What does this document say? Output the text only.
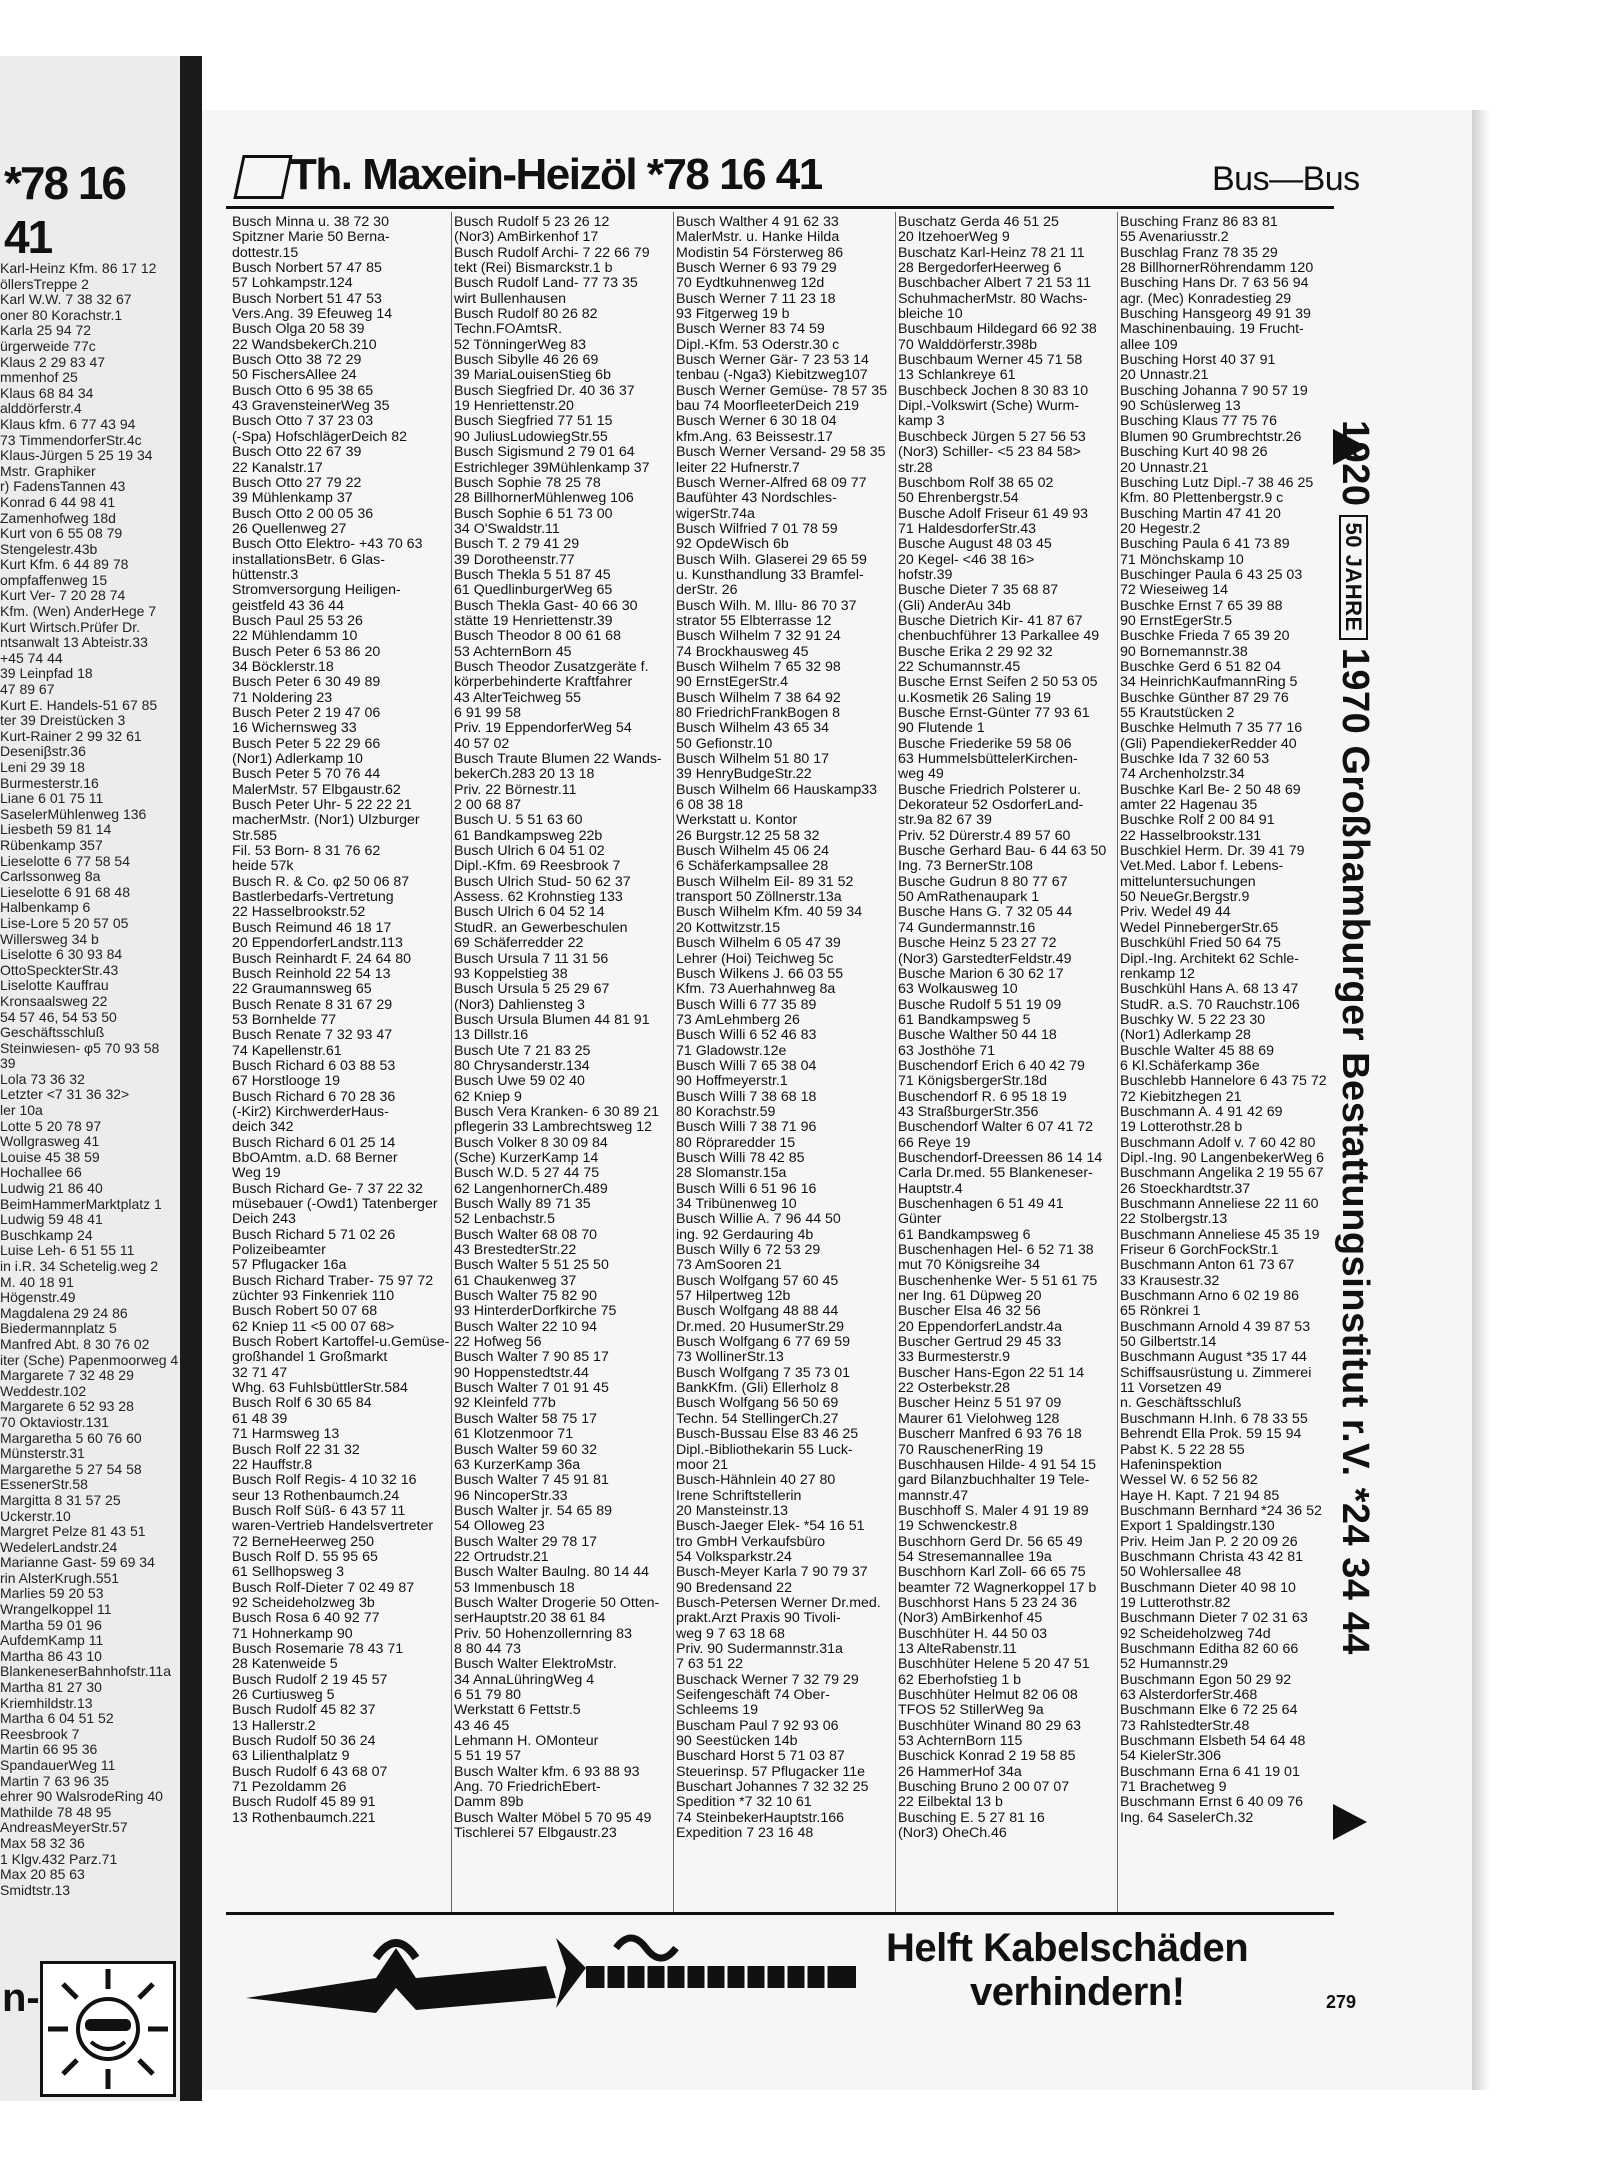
*78 16 41
Karl-Heinz Kfm. 86 17 12
öllersTreppe 2
Karl W.W. 7 38 32 67
oner 80 Korachstr.1
Karla 25 94 72
ürgerweide 77c
Klaus 2 29 83 47
mmenhof 25
Klaus 68 84 34
alddörferstr.4
Klaus kfm. 6 77 43 94
73 TimmendorferStr.4c
Klaus-Jürgen 5 25 19 34
Mstr. Graphiker
r) FadensTannen 43
Konrad 6 44 98 41
Zamenhofweg 18d
Kurt von 6 55 08 79
Stengelestr.43b
Kurt Kfm. 6 44 89 78
ompfaffenweg 15
Kurt Ver- 7 20 28 74
Kfm. (Wen) AnderHege 7
Kurt Wirtsch.Prüfer Dr.
ntsanwalt 13 Abteistr.33
+45 74 44
39 Leinpfad 18
47 89 67
Kurt E. Handels-51 67 85
ter 39 Dreistücken 3
Kurt-Rainer 2 99 32 61
Deseniβstr.36
Leni 29 39 18
Burmesterstr.16
Liane 6 01 75 11
SaselerMühlenweg 136
Liesbeth 59 81 14
Rübenkamp 357
Lieselotte 6 77 58 54
Carlssonweg 8a
Lieselotte 6 91 68 48
Halbenkamp 6
Lise-Lore 5 20 57 05
Willersweg 34 b
Liselotte 6 30 93 84
OttoSpeckterStr.43
Liselotte Kauffrau
Kronsaalsweg 22
54 57 46, 54 53 50
Geschäftsschluß
Steinwiesen- φ5 70 93 58
39
Lola 73 36 32
Letzter <7 31 36 32>
ler 10a
Lotte 5 20 78 97
Wollgrasweg 41
Louise 45 38 59
Hochallee 66
Ludwig 21 86 40
BeimHammerMarktplatz 1
Ludwig 59 48 41
Buschkamp 24
Luise Leh- 6 51 55 11
in i.R. 34 Schetelig.weg 2
M. 40 18 91
Högenstr.49
Magdalena 29 24 86
Biedermannplatz 5
Manfred Abt. 8 30 76 02
iter (Sche) Papenmoorweg 4
Margarete 7 32 48 29
Weddestr.102
Margarete 6 52 93 28
70 Oktaviostr.131
Margaretha 5 60 76 60
Münsterstr.31
Margarethe 5 27 54 58
EssenerStr.58
Margitta 8 31 57 25
Uckerstr.10
Margret Pelze 81 43 51
WedelerLandstr.24
Marianne Gast- 59 69 34
rin AlsterKrugh.551
Marlies 59 20 53
Wrangelkoppel 11
Martha 59 01 96
AufdemKamp 11
Martha 86 43 10
BlankeneserBahnhofstr.11a
Martha 81 27 30
Kriemhildstr.13
Martha 6 04 51 52
Reesbrook 7
Martin 66 95 36
SpandauerWeg 11
Martin 7 63 96 35
ehrer 90 WalsrodeRing 40
Mathilde 78 48 95
AndreasMeyerStr.57
Max 58 32 36
1 Klgv.432 Parz.71
Max 20 85 63
Smidtstr.13
n-
Th. Maxein-Heizöl *78 16 41	Bus—Bus
Busch Minna u. 38 72 30
Spitzner Marie 50 Berna-
dottestr.15
Busch Norbert 57 47 85
57 Lohkampstr.124
Busch Norbert 51 47 53
Vers.Ang. 39 Efeuweg 14
Busch Olga 20 58 39
22 WandsbekerCh.210
Busch Otto 38 72 29
50 FischersAllee 24
Busch Otto 6 95 38 65
43 GravensteinerWeg 35
Busch Otto 7 37 23 03
(-Spa) HofschlägerDeich 82
Busch Otto 22 67 39
22 Kanalstr.17
Busch Otto 27 79 22
39 Mühlenkamp 37
Busch Otto 2 00 05 36
26 Quellenweg 27
Busch Otto Elektro- +43 70 63
installationsBetr. 6 Glas-
hüttenstr.3
Stromversorgung Heiligen-
geistfeld 43 36 44
Busch Paul 25 53 26
22 Mühlendamm 10
Busch Peter 6 53 86 20
34 Böcklerstr.18
Busch Peter 6 30 49 89
71 Noldering 23
Busch Peter 2 19 47 06
16 Wichernsweg 33
Busch Peter 5 22 29 66
(Nor1) Adlerkamp 10
Busch Peter 5 70 76 44
MalerMstr. 57 Elbgaustr.62
Busch Peter Uhr- 5 22 22 21
macherMstr. (Nor1) Ulzburger
Str.585
Fil. 53 Born- 8 31 76 62
heide 57k
Busch R. & Co. φ2 50 06 87
Bastlerbedarfs-Vertretung
22 Hasselbrookstr.52
Busch Reimund 46 18 17
20 EppendorferLandstr.113
Busch Reinhardt F. 24 64 80
Busch Reinhold 22 54 13
22 Graumannsweg 65
Busch Renate 8 31 67 29
53 Bornhelde 77
Busch Renate 7 32 93 47
74 Kapellenstr.61
Busch Richard 6 03 88 53
67 Horstlooge 19
Busch Richard 6 70 28 36
(-Kir2) KirchwerderHaus-
deich 342
Busch Richard 6 01 25 14
BbOAmtm. a.D. 68 Berner
Weg 19
Busch Richard Ge- 7 37 22 32
müsebauer (-Owd1) Tatenberger
Deich 243
Busch Richard 5 71 02 26
Polizeibeamter
57 Pflugacker 16a
Busch Richard Traber- 75 97 72
züchter 93 Finkenriek 110
Busch Robert 50 07 68
62 Kniep 11 <5 00 07 68>
Busch Robert Kartoffel-u.Gemüse-
großhandel 1 Großmarkt
32 71 47
Whg. 63 FuhlsbüttlerStr.584
Busch Rolf 6 30 65 84
61 48 39
71 Harmsweg 13
Busch Rolf 22 31 32
22 Hauffstr.8
Busch Rolf Regis- 4 10 32 16
seur 13 Rothenbaumch.24
Busch Rolf Süß- 6 43 57 11
waren-Vertrieb Handelsvertreter
72 BerneHeerweg 250
Busch Rolf D. 55 95 65
61 Sellhopsweg 3
Busch Rolf-Dieter 7 02 49 87
92 Scheideholzweg 3b
Busch Rosa 6 40 92 77
71 Hohnerkamp 90
Busch Rosemarie 78 43 71
28 Katenweide 5
Busch Rudolf 2 19 45 57
26 Curtiusweg 5
Busch Rudolf 45 82 37
13 Hallerstr.2
Busch Rudolf 50 36 24
63 Lilienthalplatz 9
Busch Rudolf 6 43 68 07
71 Pezoldamm 26
Busch Rudolf 45 89 91
13 Rothenbaumch.221
Busch Rudolf 5 23 26 12
(Nor3) AmBirkenhof 17
Busch Rudolf Archi- 7 22 66 79
tekt (Rei) Bismarckstr.1 b
Busch Rudolf Land- 77 73 35
wirt Bullenhausen
Busch Rudolf 80 26 82
Techn.FOAmtsR.
52 TönningerWeg 83
Busch Sibylle 46 26 69
39 MariaLouisenStieg 6b
Busch Siegfried Dr. 40 36 37
19 Henriettenstr.20
Busch Siegfried 77 51 15
90 JuliusLudowiegStr.55
Busch Sigismund 2 79 01 64
Estrichleger 39Mühlenkamp 37
Busch Sophie 78 25 78
28 BillhornerMühlenweg 106
Busch Sophie 6 51 73 00
34 O'Swaldstr.11
Busch T. 2 79 41 29
39 Dorotheenstr.77
Busch Thekla 5 51 87 45
61 QuedlinburgerWeg 65
Busch Thekla Gast- 40 66 30
stätte 19 Henriettenstr.39
Busch Theodor 8 00 61 68
53 AchternBorn 45
Busch Theodor Zusatzgeräte f.
körperbehinderte Kraftfahrer
43 AlterTeichweg 55
6 91 99 58
Priv. 19 EppendorferWeg 54
40 57 02
Busch Traute Blumen 22 Wands-
bekerCh.283 20 13 18
Priv. 22 Börnestr.11
2 00 68 87
Busch U. 5 51 63 60
61 Bandkampsweg 22b
Busch Ulrich 6 04 51 02
Dipl.-Kfm. 69 Reesbrook 7
Busch Ulrich Stud- 50 62 37
Assess. 62 Krohnstieg 133
Busch Ulrich 6 04 52 14
StudR. an Gewerbeschulen
69 Schäferredder 22
Busch Ursula 7 11 31 56
93 Koppelstieg 38
Busch Ursula 5 25 29 67
(Nor3) Dahliensteg 3
Busch Ursula Blumen 44 81 91
13 Dillstr.16
Busch Ute 7 21 83 25
80 Chrysanderstr.134
Busch Uwe 59 02 40
62 Kniep 9
Busch Vera Kranken- 6 30 89 21
pflegerin 33 Lambrechtsweg 12
Busch Volker 8 30 09 84
(Sche) KurzerKamp 14
Busch W.D. 5 27 44 75
62 LangenhornerCh.489
Busch Wally 89 71 35
52 Lenbachstr.5
Busch Walter 68 08 70
43 BrestedterStr.22
Busch Walter 5 51 25 50
61 Chaukenweg 37
Busch Walter 75 82 90
93 HinterderDorfkirche 75
Busch Walter 22 10 94
22 Hofweg 56
Busch Walter 7 90 85 17
90 Hoppenstedtstr.44
Busch Walter 7 01 91 45
92 Kleinfeld 77b
Busch Walter 58 75 17
61 Klotzenmoor 71
Busch Walter 59 60 32
63 KurzerKamp 36a
Busch Walter 7 45 91 81
96 NincoperStr.33
Busch Walter jr. 54 65 89
54 Olloweg 23
Busch Walter 29 78 17
22 Ortrudstr.21
Busch Walter Baulng. 80 14 44
53 Immenbusch 18
Busch Walter Drogerie 50 Otten-
serHauptstr.20 38 61 84
Priv. 50 Hohenzollernring 83
8 80 44 73
Busch Walter ElektroMstr.
34 AnnaLühringWeg 4
6 51 79 80
Werkstatt 6 Fettstr.5
43 46 45
Lehmann H. OMonteur
5 51 19 57
Busch Walter kfm. 6 93 88 93
Ang. 70 FriedrichEbert-
Damm 89b
Busch Walter Möbel 5 70 95 49
Tischlerei 57 Elbgaustr.23
Busch Walther 4 91 62 33
MalerMstr. u. Hanke Hilda
Modistin 54 Försterweg 86
Busch Werner 6 93 79 29
70 Eydtkuhnenweg 12d
Busch Werner 7 11 23 18
93 Fitgerweg 19 b
Busch Werner 83 74 59
Dipl.-Kfm. 53 Oderstr.30 c
Busch Werner Gär- 7 23 53 14
tenbau (-Nga3) Kiebitzweg107
Busch Werner Gemüse- 78 57 35
bau 74 MoorfleeterDeich 219
Busch Werner 6 30 18 04
kfm.Ang. 63 Beissestr.17
Busch Werner Versand- 29 58 35
leiter 22 Hufnerstr.7
Busch Werner-Alfred 68 09 77
Baufühter 43 Nordschles-
wigerStr.74a
Busch Wilfried 7 01 78 59
92 OpdeWisch 6b
Busch Wilh. Glaserei 29 65 59
u. Kunsthandlung 33 Bramfel-
derStr. 26
Busch Wilh. M. Illu- 86 70 37
strator 55 Elbterrasse 12
Busch Wilhelm 7 32 91 24
74 Brockhausweg 45
Busch Wilhelm 7 65 32 98
90 ErnstEgerStr.4
Busch Wilhelm 7 38 64 92
80 FriedrichFrankBogen 8
Busch Wilhelm 43 65 34
50 Gefionstr.10
Busch Wilhelm 51 80 17
39 HenryBudgeStr.22
Busch Wilhelm 66 Hauskamp33
6 08 38 18
Werkstatt u. Kontor
26 Burgstr.12 25 58 32
Busch Wilhelm 45 06 24
6 Schäferkampsallee 28
Busch Wilhelm Eil- 89 31 52
transport 50 Zöllnerstr.13a
Busch Wilhelm Kfm. 40 59 34
20 Kottwitzstr.15
Busch Wilhelm 6 05 47 39
Lehrer (Hoi) Teichweg 5c
Busch Wilkens J. 66 03 55
Kfm. 73 Auerhahnweg 8a
Busch Willi 6 77 35 89
73 AmLehmberg 26
Busch Willi 6 52 46 83
71 Gladowstr.12e
Busch Willi 7 65 38 04
90 Hoffmeyerstr.1
Busch Willi 7 38 68 18
80 Korachstr.59
Busch Willi 7 38 71 96
80 Röpraredder 15
Busch Willi 78 42 85
28 Slomanstr.15a
Busch Willi 6 51 96 16
34 Tribünenweg 10
Busch Willie A. 7 96 44 50
ing. 92 Gerdauring 4b
Busch Willy 6 72 53 29
73 AmSooren 21
Busch Wolfgang 57 60 45
57 Hilpertweg 12b
Busch Wolfgang 48 88 44
Dr.med. 20 HusumerStr.29
Busch Wolfgang 6 77 69 59
73 WollinerStr.13
Busch Wolfgang 7 35 73 01
BankKfm. (Gli) Ellerholz 8
Busch Wolfgang 56 50 69
Techn. 54 StellingerCh.27
Busch-Bussau Else 83 46 25
Dipl.-Bibliothekarin 55 Luck-
moor 21
Busch-Hähnlein 40 27 80
Irene Schriftstellerin
20 Mansteinstr.13
Busch-Jaeger Elek- *54 16 51
tro GmbH Verkaufsbüro
54 Volksparkstr.24
Busch-Meyer Karla 7 90 79 37
90 Bredensand 22
Busch-Petersen Werner Dr.med.
prakt.Arzt Praxis 90 Tivoli-
weg 9 7 63 18 68
Priv. 90 Sudermannstr.31a
7 63 51 22
Buschack Werner 7 32 79 29
Seifengeschäft 74 Ober-
Schleems 19
Buscham Paul 7 92 93 06
90 Seestücken 14b
Buschard Horst 5 71 03 87
Steuerinsp. 57 Pflugacker 11e
Buschart Johannes 7 32 32 25
Spedition *7 32 10 61
74 SteinbekerHauptstr.166
Expedition 7 23 16 48
Buschatz Gerda 46 51 25
20 ItzehoerWeg 9
Buschatz Karl-Heinz 78 21 11
28 BergedorferHeerweg 6
Buschbacher Albert 7 21 53 11
SchuhmacherMstr. 80 Wachs-
bleiche 10
Buschbaum Hildegard 66 92 38
70 Walddörferstr.398b
Buschbaum Werner 45 71 58
13 Schlankreye 61
Buschbeck Jochen 8 30 83 10
Dipl.-Volkswirt (Sche) Wurm-
kamp 3
Buschbeck Jürgen 5 27 56 53
(Nor3) Schiller- <5 23 84 58>
str.28
Buschbom Rolf 38 65 02
50 Ehrenbergstr.54
Busche Adolf Friseur 61 49 93
71 HaldesdorferStr.43
Busche August 48 03 45
20 Kegel- <46 38 16>
hofstr.39
Busche Dieter 7 35 68 87
(Gli) AnderAu 34b
Busche Dietrich Kir- 41 87 67
chenbuchführer 13 Parkallee 49
Busche Erika 2 29 92 32
22 Schumannstr.45
Busche Ernst Seifen 2 50 53 05
u.Kosmetik 26 Saling 19
Busche Ernst-Günter 77 93 61
90 Flutende 1
Busche Friederike 59 58 06
63 HummelsbüttelerKirchen-
weg 49
Busche Friedrich Polsterer u.
Dekorateur 52 OsdorferLand-
str.9a 82 67 39
Priv. 52 Dürerstr.4 89 57 60
Busche Gerhard Bau- 6 44 63 50
Ing. 73 BernerStr.108
Busche Gudrun 8 80 77 67
50 AmRathenaupark 1
Busche Hans G. 7 32 05 44
74 Gundermannstr.16
Busche Heinz 5 23 27 72
(Nor3) GarstedterFeldstr.49
Busche Marion 6 30 62 17
63 Wolkausweg 10
Busche Rudolf 5 51 19 09
61 Bandkampsweg 5
Busche Walther 50 44 18
63 Josthöhe 71
Buschendorf Erich 6 40 42 79
71 KönigsbergerStr.18d
Buschendorf R. 6 95 18 19
43 StraßburgerStr.356
Buschendorf Walter 6 07 41 72
66 Reye 19
Buschendorf-Dreessen 86 14 14
Carla Dr.med. 55 Blankeneser-
Hauptstr.4
Buschenhagen 6 51 49 41
Günter
61 Bandkampsweg 6
Buschenhagen Hel- 6 52 71 38
mut 70 Königsreihe 34
Buschenhenke Wer- 5 51 61 75
ner Ing. 61 Düpweg 20
Buscher Elsa 46 32 56
20 EppendorferLandstr.4a
Buscher Gertrud 29 45 33
33 Burmesterstr.9
Buscher Hans-Egon 22 51 14
22 Osterbekstr.28
Buscher Heinz 5 51 97 09
Maurer 61 Vielohweg 128
Buscherr Manfred 6 93 76 18
70 RauschenerRing 19
Buschhausen Hilde- 4 91 54 15
gard Bilanzbuchhalter 19 Tele-
mannstr.47
Buschhoff S. Maler 4 91 19 89
19 Schwenckestr.8
Buschhorn Gerd Dr. 56 65 49
54 Stresemannallee 19a
Buschhorn Karl Zoll- 66 65 75
beamter 72 Wagnerkoppel 17 b
Buschhorst Hans 5 23 24 36
(Nor3) AmBirkenhof 45
Buschhüter H. 44 50 03
13 AlteRabenstr.11
Buschhüter Helene 5 20 47 51
62 Eberhofstieg 1 b
Buschhüter Helmut 82 06 08
TFOS 52 StillerWeg 9a
Buschhüter Winand 80 29 63
53 AchternBorn 115
Buschick Konrad 2 19 58 85
26 HammerHof 34a
Busching Bruno 2 00 07 07
22 Eilbektal 13 b
Busching E. 5 27 81 16
(Nor3) OheCh.46
Busching Franz 86 83 81
55 Avenariusstr.2
Buschlag Franz 78 35 29
28 BillhornerRöhrendamm 120
Busching Hans Dr. 7 63 56 94
agr. (Mec) Konradestieg 29
Busching Hansgeorg 49 91 39
Maschinenbauing. 19 Frucht-
allee 109
Busching Horst 40 37 91
20 Unnastr.21
Busching Johanna 7 90 57 19
90 Schüslerweg 13
Busching Klaus 77 75 76
Blumen 90 Grumbrechtstr.26
Busching Kurt 40 98 26
20 Unnastr.21
Busching Lutz Dipl.-7 38 46 25
Kfm. 80 Plettenbergstr.9 c
Busching Martin 47 41 20
20 Hegestr.2
Busching Paula 6 41 73 89
71 Mönchskamp 10
Buschinger Paula 6 43 25 03
72 Wieseiweg 14
Buschke Ernst 7 65 39 88
90 ErnstEgerStr.5
Buschke Frieda 7 65 39 20
90 Bornemannstr.38
Buschke Gerd 6 51 82 04
34 HeinrichKaufmannRing 5
Buschke Günther 87 29 76
55 Krautstücken 2
Buschke Helmuth 7 35 77 16
(Gli) PapendiekerRedder 40
Buschke Ida 7 32 60 53
74 Archenholzstr.34
Buschke Karl Be- 2 50 48 69
amter 22 Hagenau 35
Buschke Rolf 2 00 84 91
22 Hasselbrookstr.131
Buschkiel Herm. Dr. 39 41 79
Vet.Med. Labor f. Lebens-
mitteluntersuchungen
50 NeueGr.Bergstr.9
Priv. Wedel 49 44
Wedel PinnebergerStr.65
Buschkühl Fried 50 64 75
Dipl.-Ing. Architekt 62 Schle-
renkamp 12
Buschkühl Hans A. 68 13 47
StudR. a.S. 70 Rauchstr.106
Buschky W. 5 22 23 30
(Nor1) Adlerkamp 28
Buschle Walter 45 88 69
6 Kl.Schäferkamp 36e
Buschlebb Hannelore 6 43 75 72
72 Kiebitzhegen 21
Buschmann A. 4 91 42 69
19 Lotterothstr.28 b
Buschmann Adolf v. 7 60 42 80
Dipl.-Ing. 90 LangenbekerWeg 6
Buschmann Angelika 2 19 55 67
26 Stoeckhardtstr.37
Buschmann Anneliese 22 11 60
22 Stolbergstr.13
Buschmann Anneliese 45 35 19
Friseur 6 GorchFockStr.1
Buschmann Anton 61 73 67
33 Krausestr.32
Buschmann Arno 6 02 19 86
65 Rönkrei 1
Buschmann Arnold 4 39 87 53
50 Gilbertstr.14
Buschmann August *35 17 44
Schiffsausrüstung u. Zimmerei
11 Vorsetzen 49
n. Geschäftsschluß
Buschmann H.Inh. 6 78 33 55
Behrendt Ella Prok. 59 15 94
Pabst K. 5 22 28 55
Hafeninspektion
Wessel W. 6 52 56 82
Haye H. Kapt. 7 21 94 85
Buschmann Bernhard *24 36 52
Export 1 Spaldingstr.130
Priv. Heim Jan P. 2 20 09 26
Buschmann Christa 43 42 81
50 Wohlersallee 48
Buschmann Dieter 40 98 10
19 Lutterothstr.82
Buschmann Dieter 7 02 31 63
92 Scheideholzweg 74d
Buschmann Editha 82 60 66
52 Humannstr.29
Buschmann Egon 50 29 92
63 AlsterdorferStr.468
Buschmann Elke 6 72 25 64
73 RahlstedterStr.48
Buschmann Elsbeth 54 64 48
54 KielerStr.306
Buschmann Erna 6 41 19 01
71 Brachetweg 9
Buschmann Ernst 6 40 09 76
Ing. 64 SaselerCh.32
192050 JAHRE1970 Großhamburger Bestattungsinstitut r.V. *24 34 44
Helft Kabelschäden
verhindern!	279
